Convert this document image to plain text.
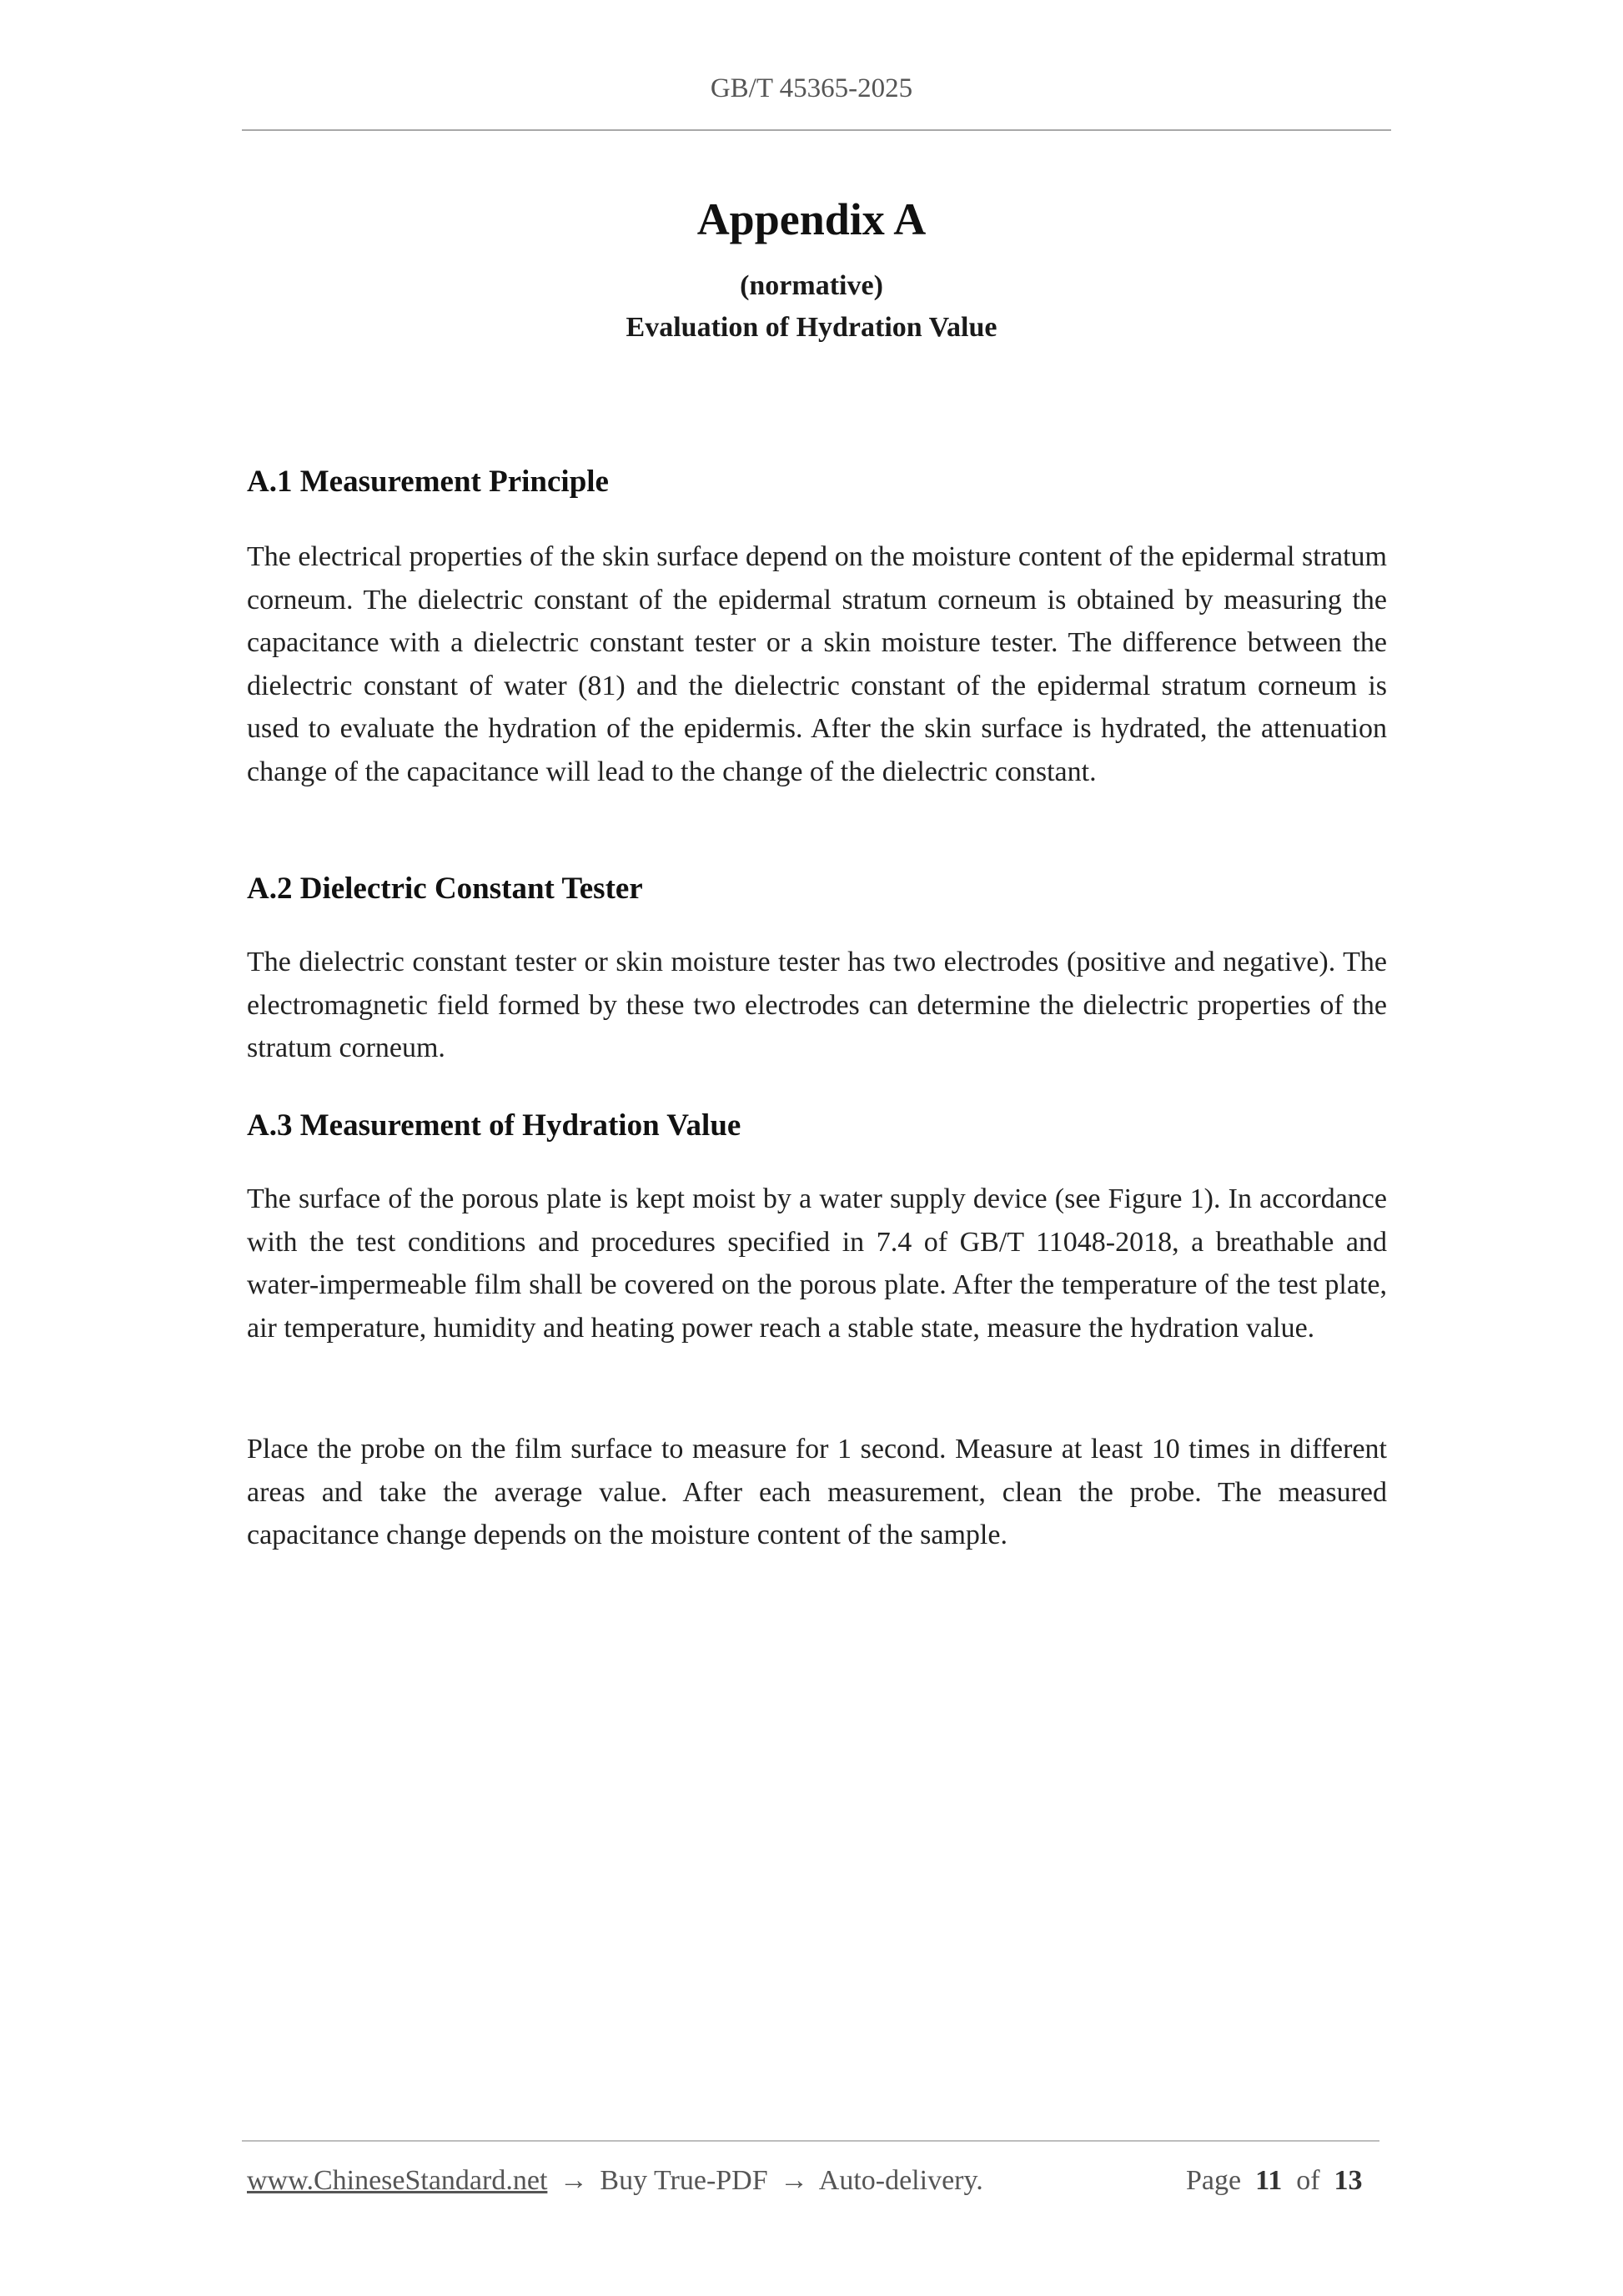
GB/T 45365-2025
Appendix A
(normative)
Evaluation of Hydration Value
A.1 Measurement Principle
The electrical properties of the skin surface depend on the moisture content of the epidermal stratum corneum. The dielectric constant of the epidermal stratum corneum is obtained by measuring the capacitance with a dielectric constant tester or a skin moisture tester. The difference between the dielectric constant of water (81) and the dielectric constant of the epidermal stratum corneum is used to evaluate the hydration of the epidermis. After the skin surface is hydrated, the attenuation change of the capacitance will lead to the change of the dielectric constant.
A.2 Dielectric Constant Tester
The dielectric constant tester or skin moisture tester has two electrodes (positive and negative). The electromagnetic field formed by these two electrodes can determine the dielectric properties of the stratum corneum.
A.3 Measurement of Hydration Value
The surface of the porous plate is kept moist by a water supply device (see Figure 1). In accordance with the test conditions and procedures specified in 7.4 of GB/T 11048-2018, a breathable and water-impermeable film shall be covered on the porous plate. After the temperature of the test plate, air temperature, humidity and heating power reach a stable state, measure the hydration value.
Place the probe on the film surface to measure for 1 second. Measure at least 10 times in different areas and take the average value. After each measurement, clean the probe. The measured capacitance change depends on the moisture content of the sample.
www.ChineseStandard.net → Buy True-PDF → Auto-delivery.	Page 11 of 13
